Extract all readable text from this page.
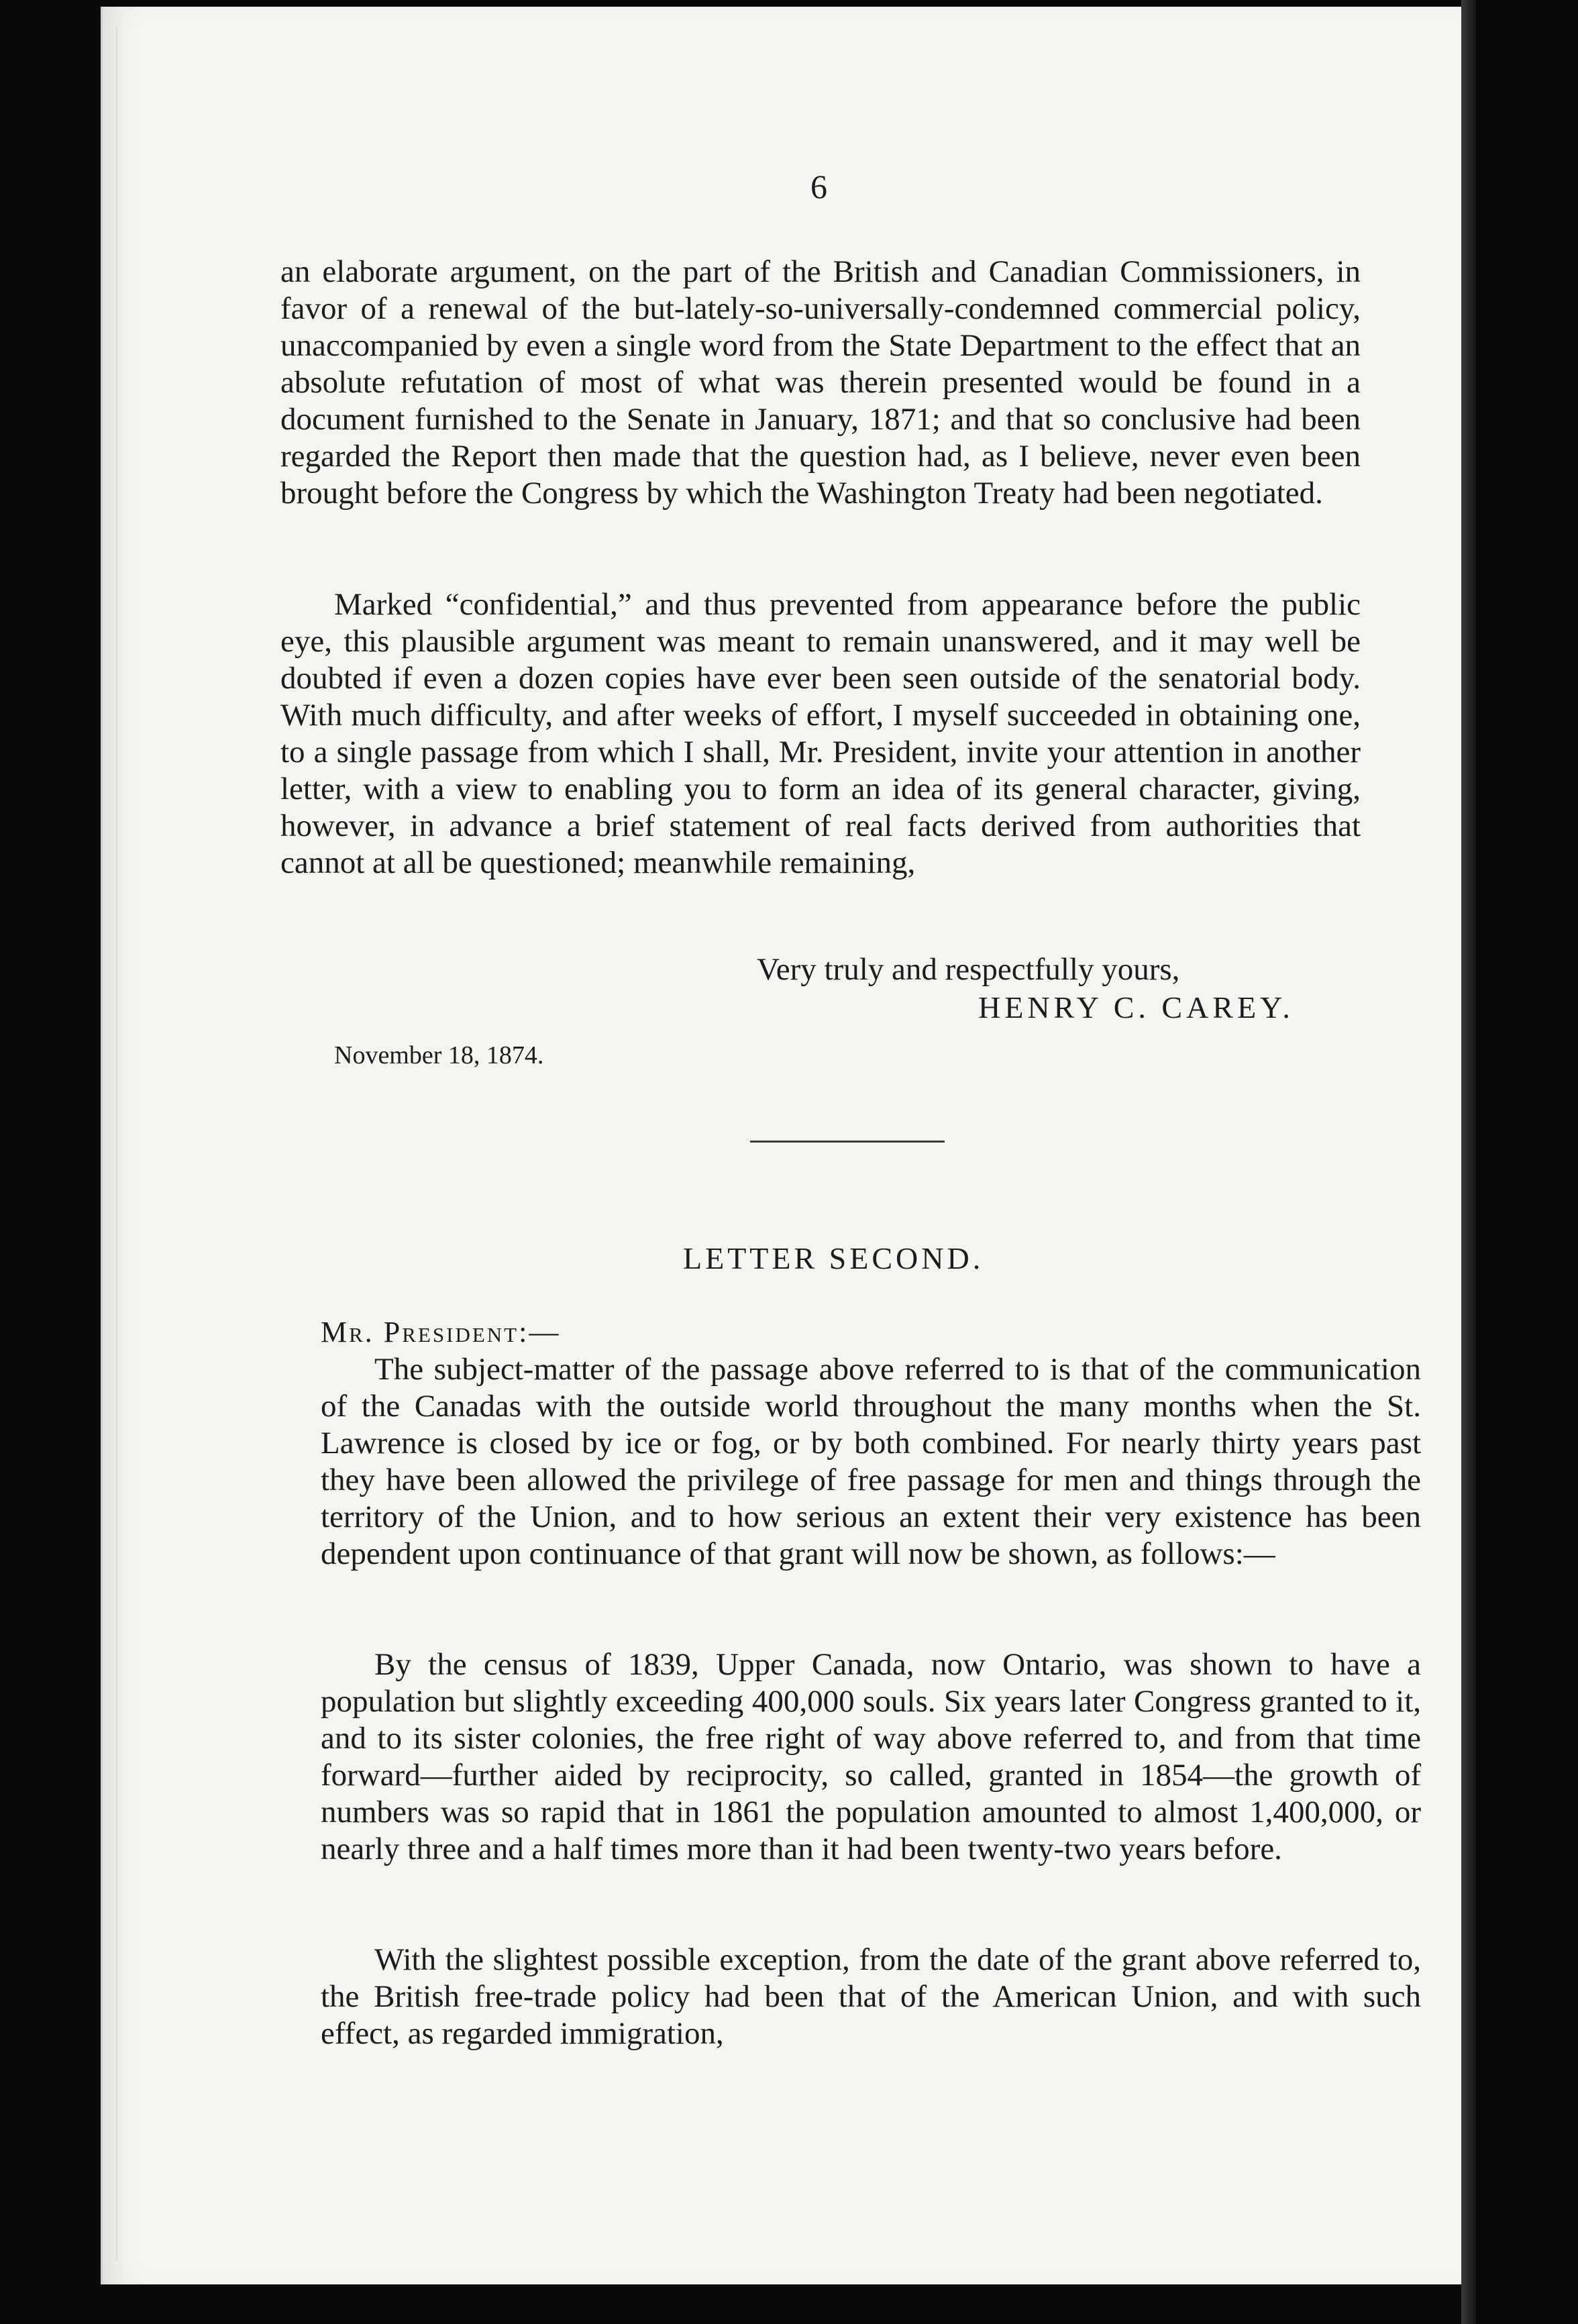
6

an elaborate argument, on the part of the British and Canadian Commissioners, in favor of a renewal of the but-lately-so-universally-condemned commercial policy, unaccompanied by even a single word from the State Department to the effect that an absolute refutation of most of what was therein presented would be found in a document furnished to the Senate in January, 1871; and that so conclusive had been regarded the Report then made that the question had, as I believe, never even been brought before the Congress by which the Washington Treaty had been negotiated.

Marked “confidential,” and thus prevented from appearance before the public eye, this plausible argument was meant to remain unanswered, and it may well be doubted if even a dozen copies have ever been seen outside of the senatorial body. With much difficulty, and after weeks of effort, I myself succeeded in obtaining one, to a single passage from which I shall, Mr. President, invite your attention in another letter, with a view to enabling you to form an idea of its general character, giving, however, in advance a brief statement of real facts derived from authorities that cannot at all be questioned; meanwhile remaining,

Very truly and respectfully yours,
HENRY C. CAREY.
November 18, 1874.
LETTER SECOND.
Mr. President:—

The subject-matter of the passage above referred to is that of the communication of the Canadas with the outside world throughout the many months when the St. Lawrence is closed by ice or fog, or by both combined. For nearly thirty years past they have been allowed the privilege of free passage for men and things through the territory of the Union, and to how serious an extent their very existence has been dependent upon continuance of that grant will now be shown, as follows:—

By the census of 1839, Upper Canada, now Ontario, was shown to have a population but slightly exceeding 400,000 souls. Six years later Congress granted to it, and to its sister colonies, the free right of way above referred to, and from that time forward—further aided by reciprocity, so called, granted in 1854—the growth of numbers was so rapid that in 1861 the population amounted to almost 1,400,000, or nearly three and a half times more than it had been twenty-two years before.

With the slightest possible exception, from the date of the grant above referred to, the British free-trade policy had been that of the American Union, and with such effect, as regarded immigration,
